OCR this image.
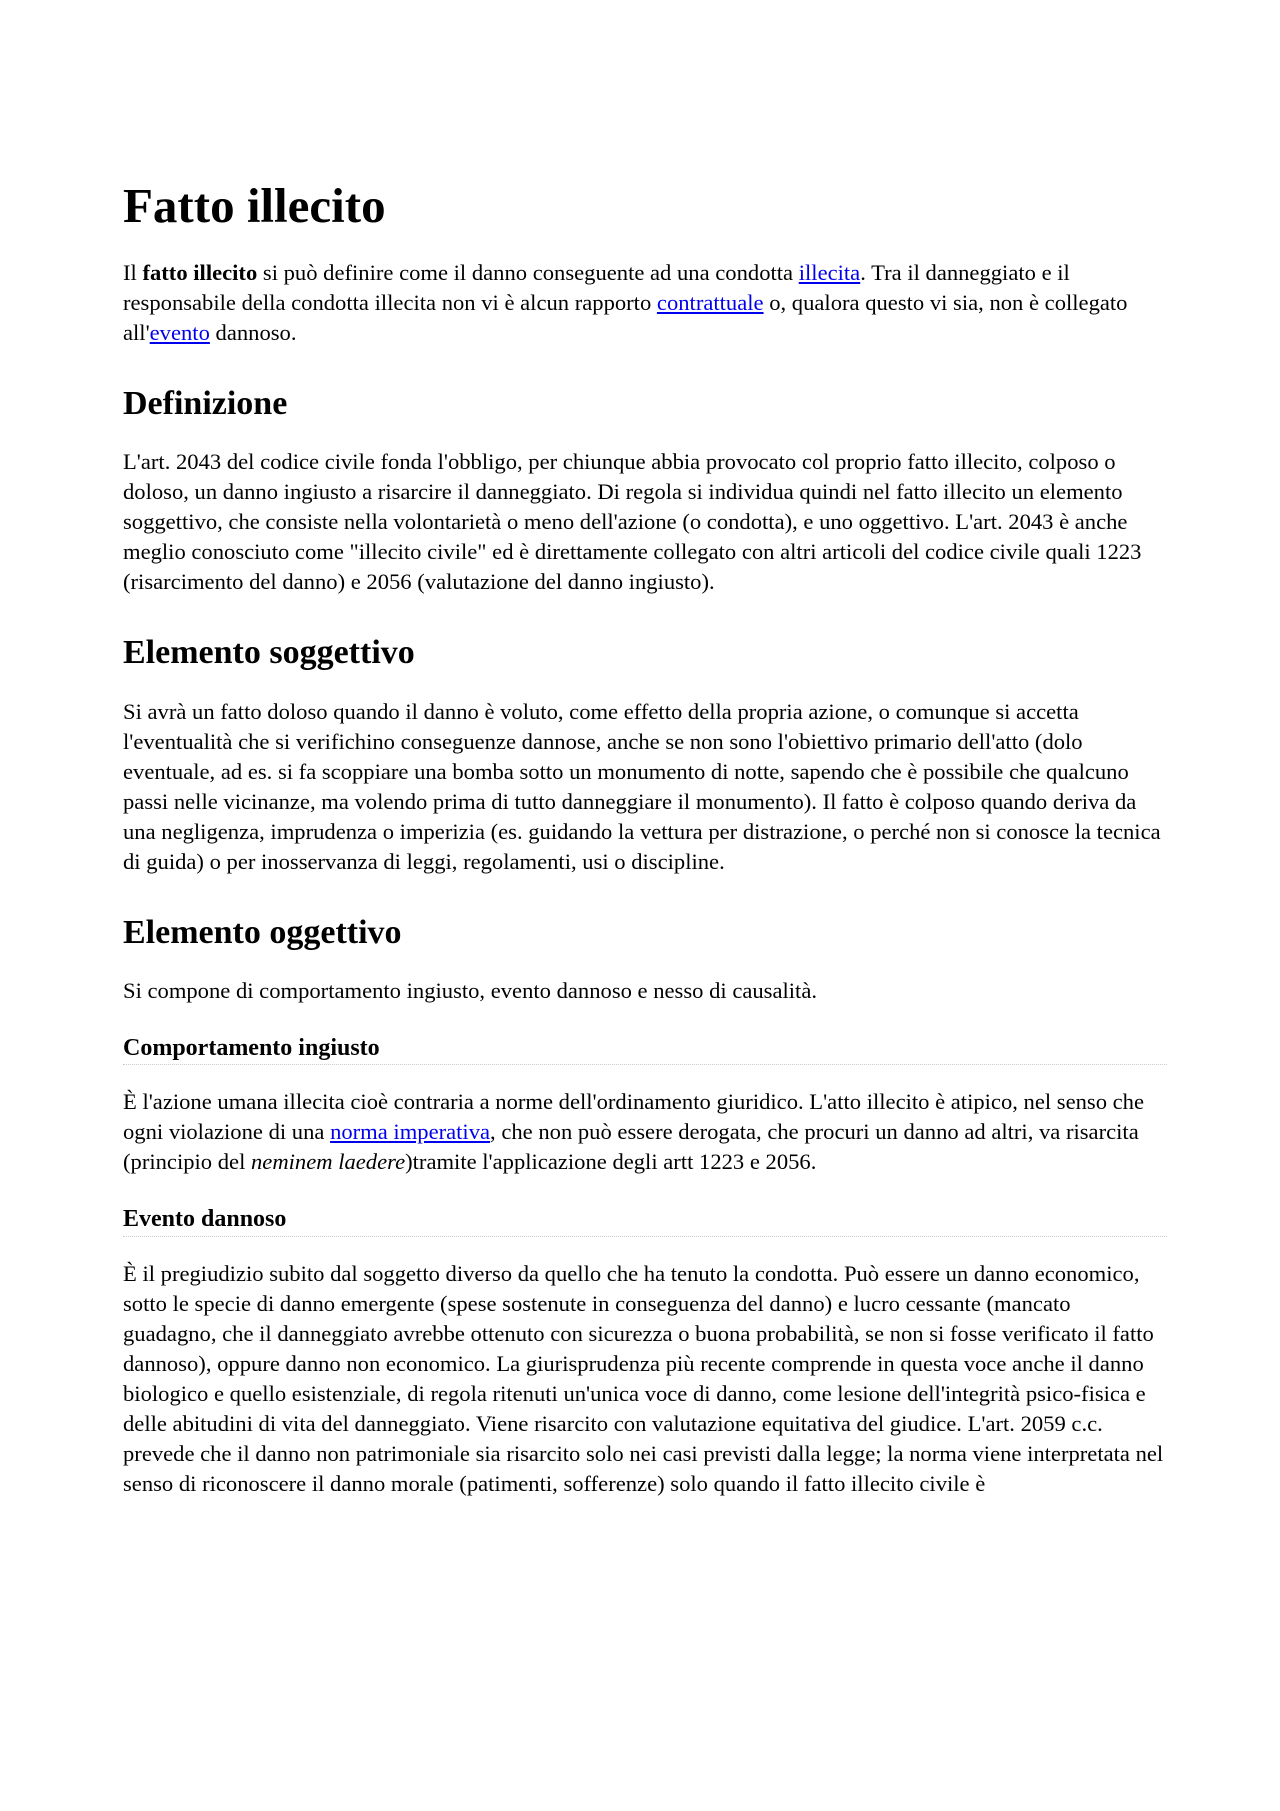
Fatto illecito

Il fatto illecito si può definire come il danno conseguente ad una condotta illecita. Tra il danneggiato e il responsabile della condotta illecita non vi è alcun rapporto contrattuale o, qualora questo vi sia, non è collegato all'evento dannoso.

Definizione

L'art. 2043 del codice civile fonda l'obbligo, per chiunque abbia provocato col proprio fatto illecito, colposo o doloso, un danno ingiusto a risarcire il danneggiato. Di regola si individua quindi nel fatto illecito un elemento soggettivo, che consiste nella volontarietà o meno dell'azione (o condotta), e uno oggettivo. L'art. 2043 è anche meglio conosciuto come "illecito civile" ed è direttamente collegato con altri articoli del codice civile quali 1223 (risarcimento del danno) e 2056 (valutazione del danno ingiusto).

Elemento soggettivo

Si avrà un fatto doloso quando il danno è voluto, come effetto della propria azione, o comunque si accetta l'eventualità che si verifichino conseguenze dannose, anche se non sono l'obiettivo primario dell'atto (dolo eventuale, ad es. si fa scoppiare una bomba sotto un monumento di notte, sapendo che è possibile che qualcuno passi nelle vicinanze, ma volendo prima di tutto danneggiare il monumento). Il fatto è colposo quando deriva da una negligenza, imprudenza o imperizia (es. guidando la vettura per distrazione, o perché non si conosce la tecnica di guida) o per inosservanza di leggi, regolamenti, usi o discipline.

Elemento oggettivo

Si compone di comportamento ingiusto, evento dannoso e nesso di causalità.

Comportamento ingiusto

È l'azione umana illecita cioè contraria a norme dell'ordinamento giuridico. L'atto illecito è atipico, nel senso che ogni violazione di una norma imperativa, che non può essere derogata, che procuri un danno ad altri, va risarcita (principio del neminem laedere)tramite l'applicazione degli artt 1223 e 2056.

Evento dannoso

È il pregiudizio subito dal soggetto diverso da quello che ha tenuto la condotta. Può essere un danno economico, sotto le specie di danno emergente (spese sostenute in conseguenza del danno) e lucro cessante (mancato guadagno, che il danneggiato avrebbe ottenuto con sicurezza o buona probabilità, se non si fosse verificato il fatto dannoso), oppure danno non economico. La giurisprudenza più recente comprende in questa voce anche il danno biologico e quello esistenziale, di regola ritenuti un'unica voce di danno, come lesione dell'integrità psico-fisica e delle abitudini di vita del danneggiato. Viene risarcito con valutazione equitativa del giudice. L'art. 2059 c.c. prevede che il danno non patrimoniale sia risarcito solo nei casi previsti dalla legge; la norma viene interpretata nel senso di riconoscere il danno morale (patimenti, sofferenze) solo quando il fatto illecito civile è
